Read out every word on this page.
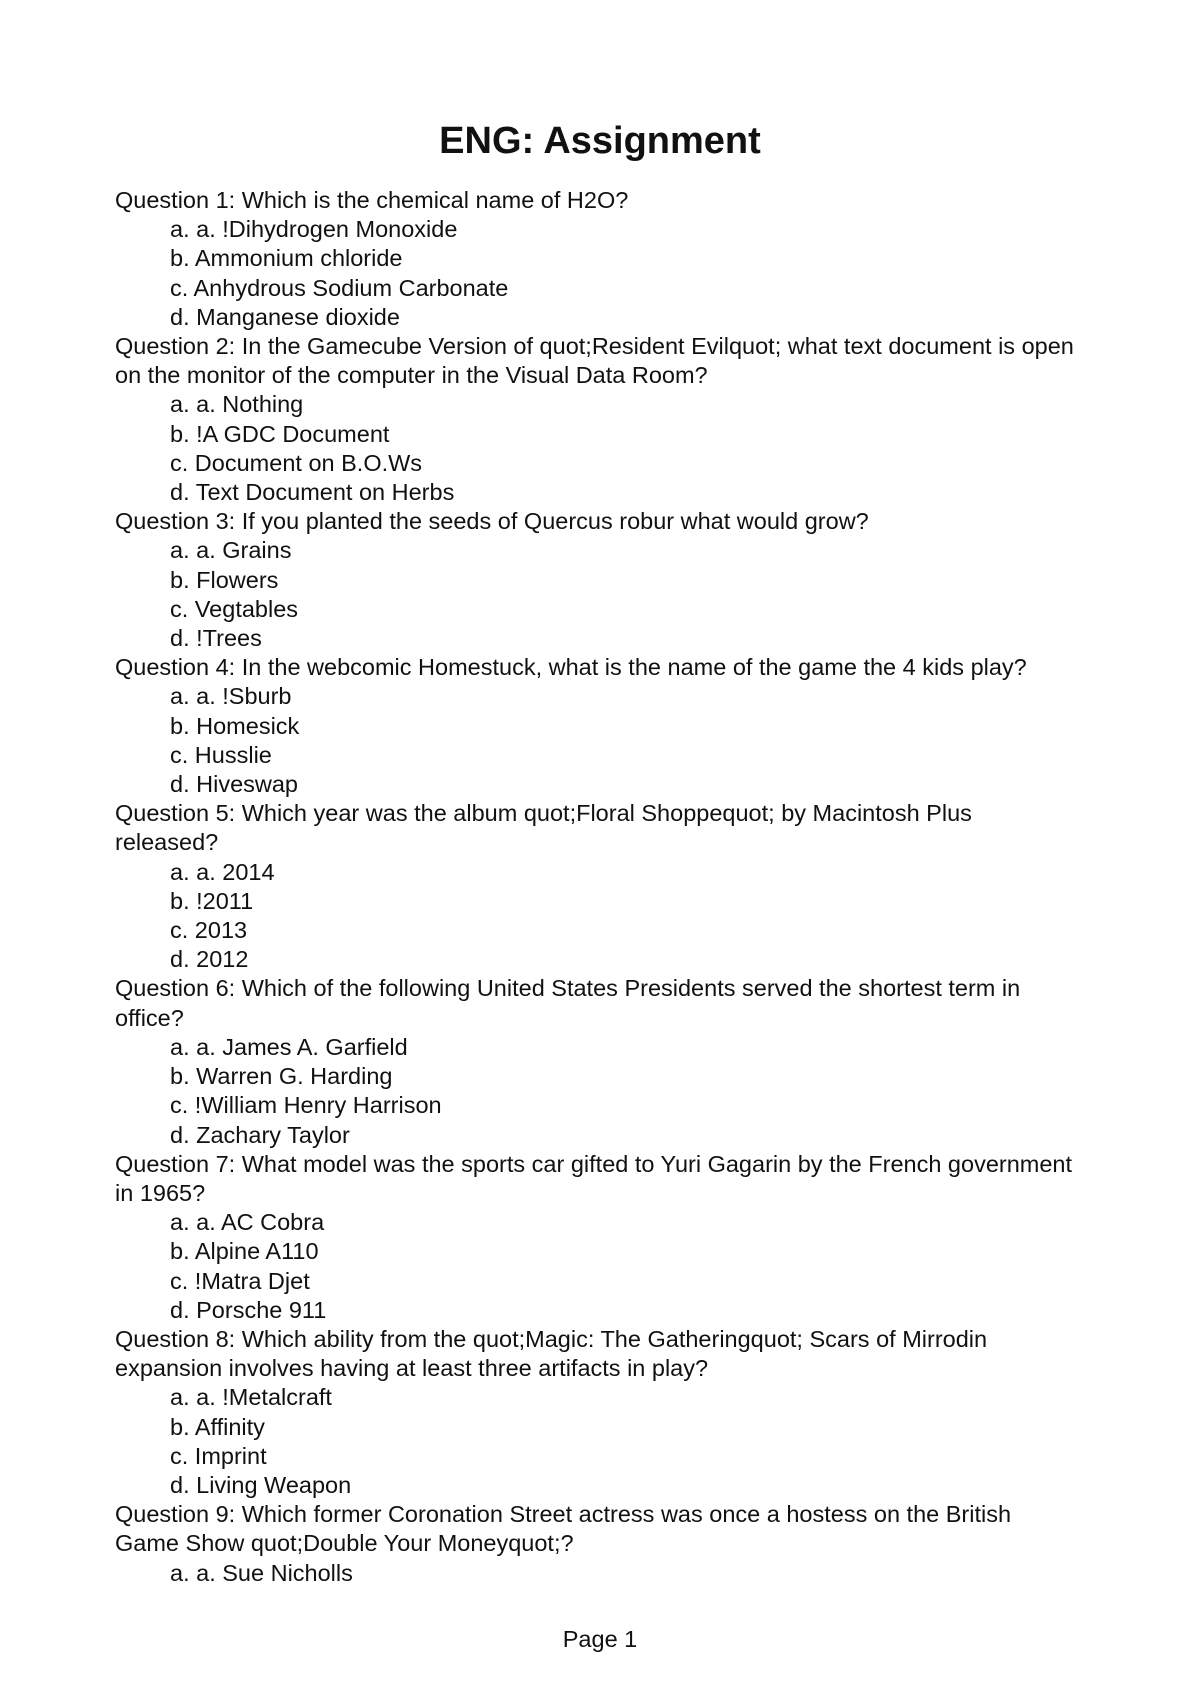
ENG: Assignment
Question 1: Which is the chemical name of H2O?
a. a. !Dihydrogen Monoxide
b. Ammonium chloride
c. Anhydrous Sodium Carbonate
d. Manganese dioxide
Question 2: In the Gamecube Version of quot;Resident Evilquot; what text document is open on the monitor of the computer in the Visual Data Room?
a. a. Nothing
b. !A GDC Document
c. Document on B.O.Ws
d. Text Document on Herbs
Question 3: If you planted the seeds of Quercus robur what would grow?
a. a. Grains
b. Flowers
c. Vegtables
d. !Trees
Question 4: In the webcomic Homestuck, what is the name of the game the 4 kids play?
a. a. !Sburb
b. Homesick
c. Husslie
d. Hiveswap
Question 5: Which year was the album quot;Floral Shoppequot; by Macintosh Plus released?
a. a. 2014
b. !2011
c. 2013
d. 2012
Question 6: Which of the following United States Presidents served the shortest term in office?
a. a. James A. Garfield
b. Warren G. Harding
c. !William Henry Harrison
d. Zachary Taylor
Question 7: What model was the sports car gifted to Yuri Gagarin by the French government in 1965?
a. a. AC Cobra
b. Alpine A110
c. !Matra Djet
d. Porsche 911
Question 8: Which ability from the quot;Magic: The Gatheringquot; Scars of Mirrodin expansion involves having at least three artifacts in play?
a. a. !Metalcraft
b. Affinity
c. Imprint
d. Living Weapon
Question 9: Which former Coronation Street actress was once a hostess on the British Game Show quot;Double Your Moneyquot;?
a. a. Sue Nicholls
Page 1
